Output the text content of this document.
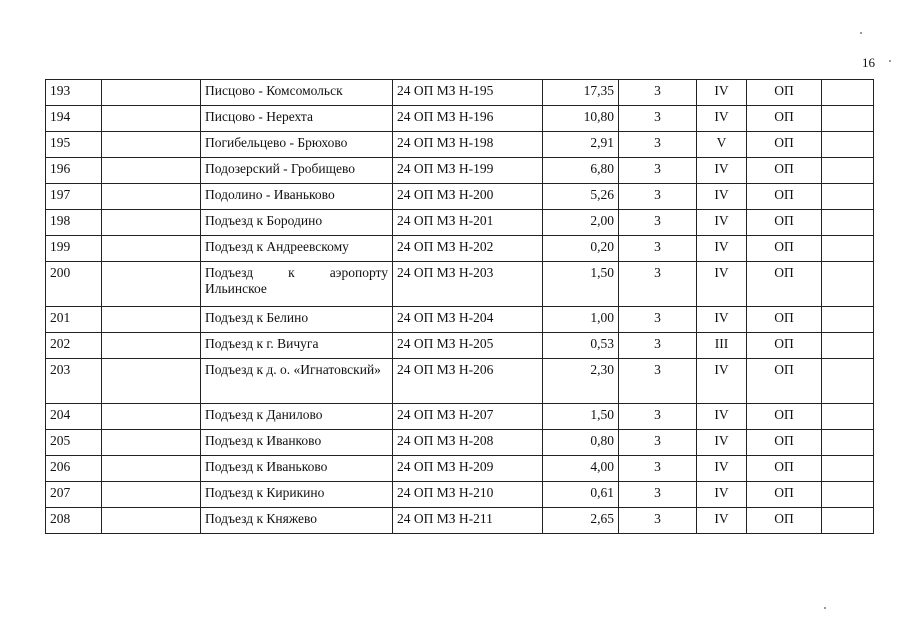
16
193		Писцово - Комсомольск	24 ОП МЗ Н-195	17,35	3	IV	ОП	
194		Писцово - Нерехта	24 ОП МЗ Н-196	10,80	3	IV	ОП	
195		Погибельцево - Брюхово	24 ОП МЗ Н-198	2,91	3	V	ОП	
196		Подозерский - Гробищево	24 ОП МЗ Н-199	6,80	3	IV	ОП	
197		Подолино - Иваньково	24 ОП МЗ Н-200	5,26	3	IV	ОП	
198		Подъезд к Бородино	24 ОП МЗ Н-201	2,00	3	IV	ОП	
199		Подъезд к Андреевскому	24 ОП МЗ Н-202	0,20	3	IV	ОП	
200		Подъезд к аэропорту Ильинское	24 ОП МЗ Н-203	1,50	3	IV	ОП	
201		Подъезд к Белино	24 ОП МЗ Н-204	1,00	3	IV	ОП	
202		Подъезд к г. Вичуга	24 ОП МЗ Н-205	0,53	3	III	ОП	
203		Подъезд к д. о. «Игнатовский»	24 ОП МЗ Н-206	2,30	3	IV	ОП	
204		Подъезд к Данилово	24 ОП МЗ Н-207	1,50	3	IV	ОП	
205		Подъезд к Иванково	24 ОП МЗ Н-208	0,80	3	IV	ОП	
206		Подъезд к Иваньково	24 ОП МЗ Н-209	4,00	3	IV	ОП	
207		Подъезд к Кирикино	24 ОП МЗ Н-210	0,61	3	IV	ОП	
208		Подъезд к Княжево	24 ОП МЗ Н-211	2,65	3	IV	ОП	
